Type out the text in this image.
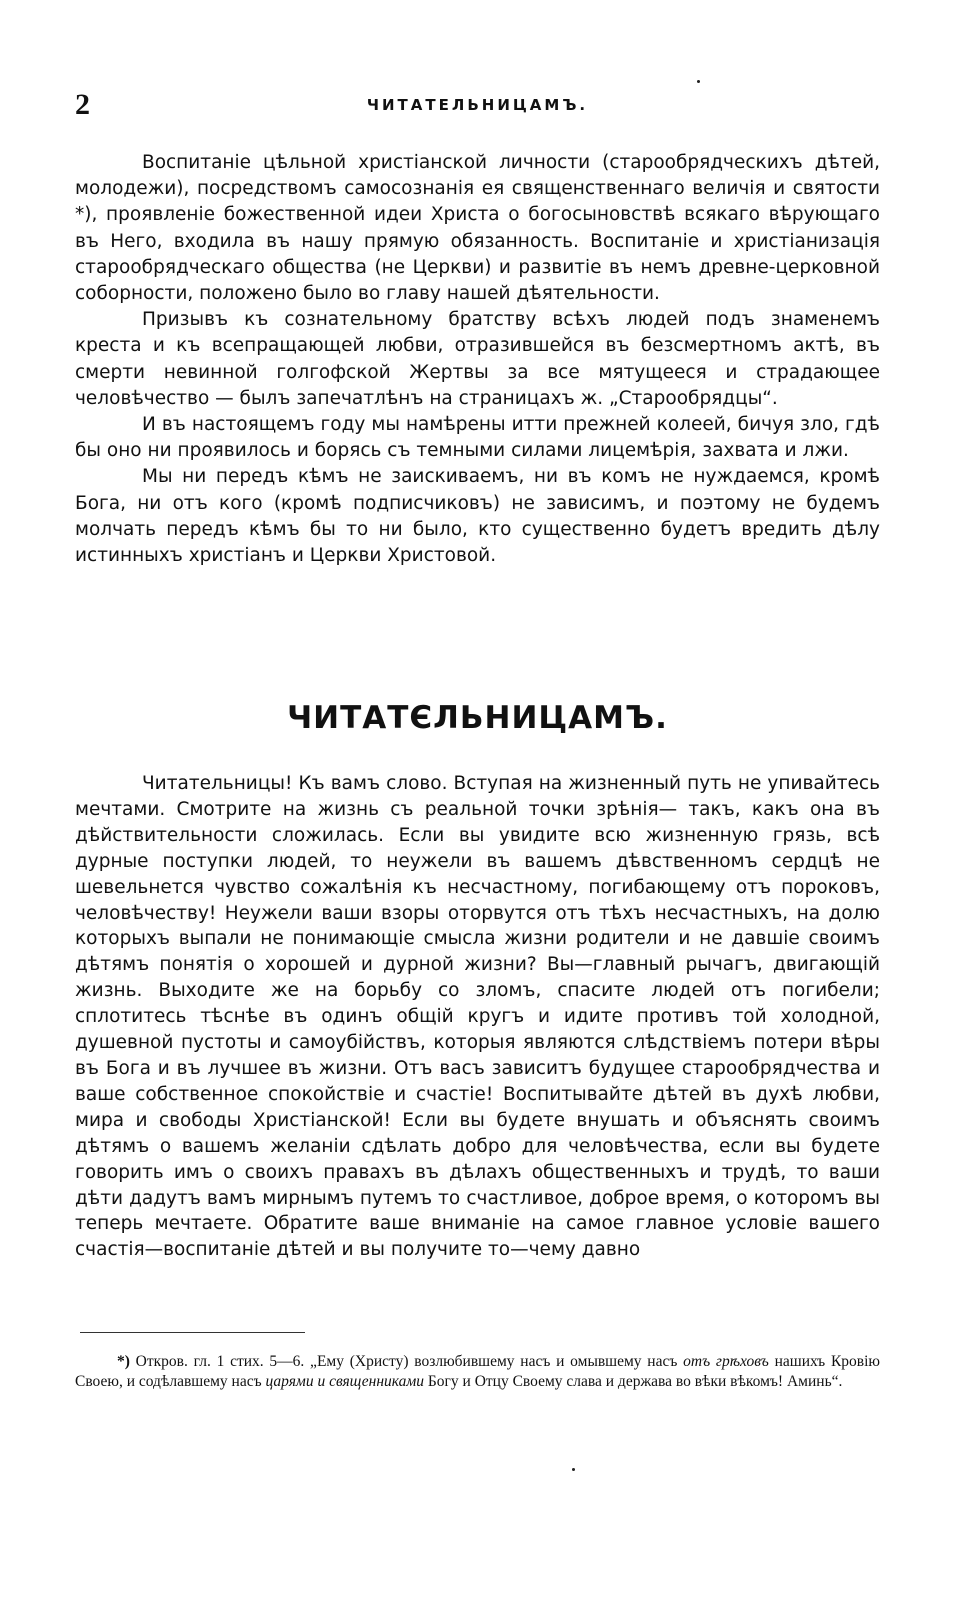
2	ЧИТАТЕЛЬНИЦАМЪ.

Воспитаніе цѣльной христіанской личности (старообрядческихъ дѣтей, молодежи), посредствомъ самосознанія ея священственнаго величія и святости *), проявленіе божественной идеи Христа о богосыновствѣ всякаго вѣрующаго въ Него, входила въ нашу прямую обязанность. Воспитаніе и христіанизація старообрядческаго общества (не Церкви) и развитіе въ немъ древне-церковной соборности, положено было во главу нашей дѣятельности.

Призывъ къ сознательному братству всѣхъ людей подъ знаменемъ креста и къ всепращающей любви, отразившейся въ безсмертномъ актѣ, въ смерти невинной голгофской Жертвы за все мятущееся и страдающее человѣчество — былъ запечатлѣнъ на страницахъ ж. „Старообрядцы“.

И въ настоящемъ году мы намѣрены итти прежней колеей, бичуя зло, гдѣ бы оно ни проявилось и борясь съ темными силами лицемѣрія, захвата и лжи.

Мы ни передъ кѣмъ не заискиваемъ, ни въ комъ не нуждаемся, кромѣ Бога, ни отъ кого (кромѣ подписчиковъ) не зависимъ, и поэтому не будемъ молчать передъ кѣмъ бы то ни было, кто существенно будетъ вредить дѣлу истинныхъ христіанъ и Церкви Христовой.

ЧИТАТЄЛЬНИЦАМЪ.

Читательницы! Къ вамъ слово. Вступая на жизненный путь не упивайтесь мечтами. Смотрите на жизнь съ реальной точки зрѣнія— такъ, какъ она въ дѣйствительности сложилась. Если вы увидите всю жизненную грязь, всѣ дурные поступки людей, то неужели въ вашемъ дѣвственномъ сердцѣ не шевельнется чувство сожалѣнія къ несчастному, погибающему отъ пороковъ, человѣчеству! Неужели ваши взоры оторвутся отъ тѣхъ несчастныхъ, на долю которыхъ выпали не понимающіе смысла жизни родители и не давшіе своимъ дѣтямъ понятія о хорошей и дурной жизни? Вы—главный рычагъ, двигающій жизнь. Выходите же на борьбу со зломъ, спасите людей отъ погибели; сплотитесь тѣснѣе въ одинъ общій кругъ и идите противъ той холодной, душевной пустоты и самоубійствъ, которыя являются слѣдствіемъ потери вѣры въ Бога и въ лучшее въ жизни. Отъ васъ зависитъ будущее старообрядчества и ваше собственное спокойствіе и счастіе! Воспитывайте дѣтей въ духѣ любви, мира и свободы Христіанской! Если вы будете внушать и объяснять своимъ дѣтямъ о вашемъ желаніи сдѣлать добро для человѣчества, если вы будете говорить имъ о своихъ правахъ въ дѣлахъ общественныхъ и трудѣ, то ваши дѣти дадутъ вамъ мирнымъ путемъ то счастливое, доброе время, о которомъ вы теперь мечтаете. Обратите ваше вниманіе на самое главное условіе вашего счастія—воспитаніе дѣтей и вы получите то—чему давно

*) Откров. гл. 1 стих. 5—6. „Ему (Христу) возлюбившему насъ и омывшему насъ отъ грѣховъ нашихъ Кровію Своею, и содѣлавшему насъ царями и священниками Богу и Отцу Своему слава и держава во вѣки вѣкомъ! Аминь“.
